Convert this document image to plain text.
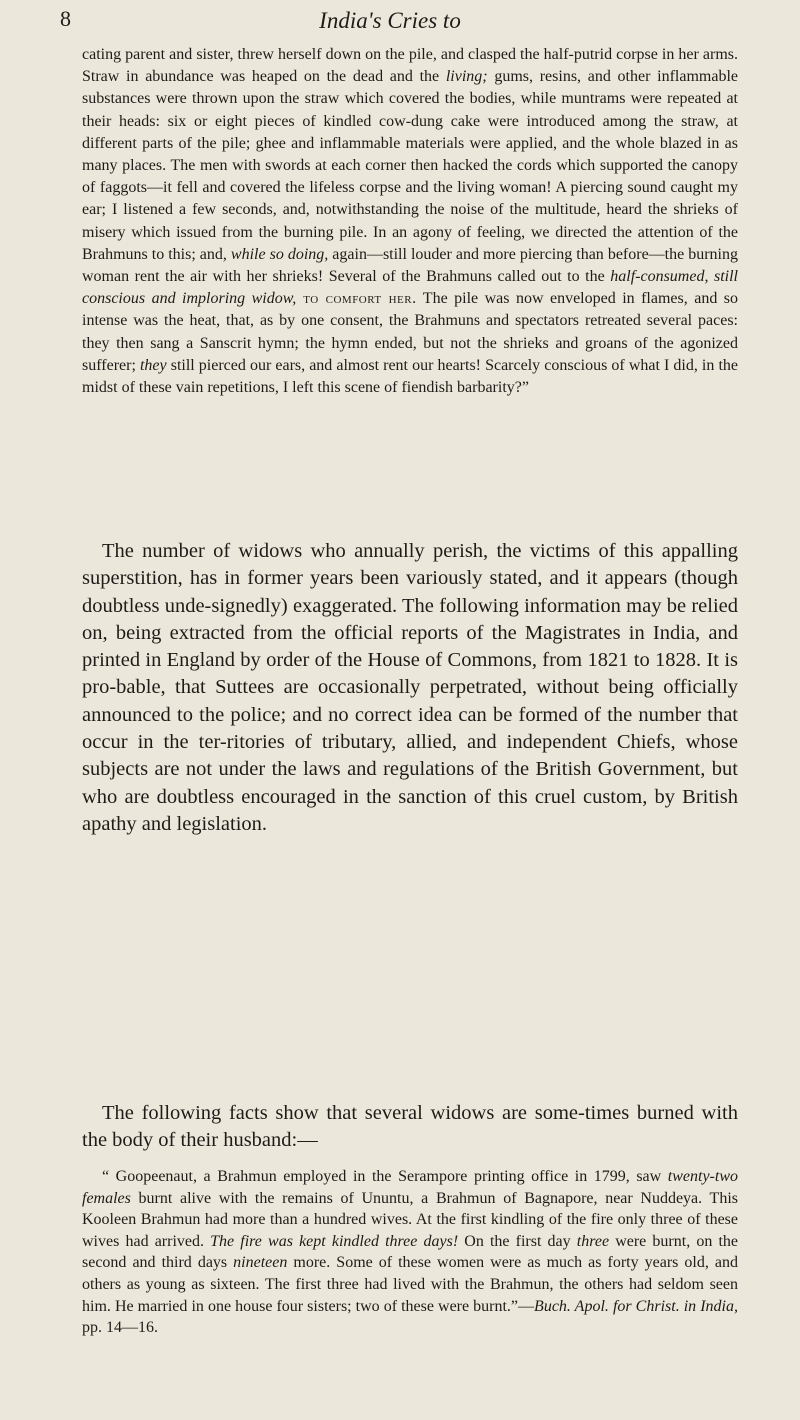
8	India's Cries to

cating parent and sister, threw herself down on the pile, and clasped the half-putrid corpse in her arms. Straw in abundance was heaped on the dead and the living; gums, resins, and other inflammable substances were thrown upon the straw which covered the bodies, while muntrams were repeated at their heads: six or eight pieces of kindled cow-dung cake were introduced among the straw, at different parts of the pile; ghee and inflammable materials were applied, and the whole blazed in as many places. The men with swords at each corner then hacked the cords which supported the canopy of faggots—it fell and covered the lifeless corpse and the living woman! A piercing sound caught my ear; I listened a few seconds, and, notwithstanding the noise of the multitude, heard the shrieks of misery which issued from the burning pile. In an agony of feeling, we directed the attention of the Brahmuns to this; and, while so doing, again—still louder and more piercing than before—the burning woman rent the air with her shrieks! Several of the Brahmuns called out to the half-consumed, still conscious and imploring widow, to comfort her. The pile was now enveloped in flames, and so intense was the heat, that, as by one consent, the Brahmuns and spectators retreated several paces: they then sang a Sanscrit hymn; the hymn ended, but not the shrieks and groans of the agonized sufferer; they still pierced our ears, and almost rent our hearts! Scarcely conscious of what I did, in the midst of these vain repetitions, I left this scene of fiendish barbarity?”

The number of widows who annually perish, the victims of this appalling superstition, has in former years been variously stated, and it appears (though doubtless unde-signedly) exaggerated. The following information may be relied on, being extracted from the official reports of the Magistrates in India, and printed in England by order of the House of Commons, from 1821 to 1828. It is pro-bable, that Suttees are occasionally perpetrated, without being officially announced to the police; and no correct idea can be formed of the number that occur in the ter-ritories of tributary, allied, and independent Chiefs, whose subjects are not under the laws and regulations of the British Government, but who are doubtless encouraged in the sanction of this cruel custom, by British apathy and legislation.

The following facts show that several widows are some-times burned with the body of their husband:—

“ Goopeenaut, a Brahmun employed in the Serampore printing office in 1799, saw twenty-two females burnt alive with the remains of Ununtu, a Brahmun of Bagnapore, near Nuddeya. This Kooleen Brahmun had more than a hundred wives. At the first kindling of the fire only three of these wives had arrived. The fire was kept kindled three days! On the first day three were burnt, on the second and third days nineteen more. Some of these women were as much as forty years old, and others as young as sixteen. The first three had lived with the Brahmun, the others had seldom seen him. He married in one house four sisters; two of these were burnt.”—Buch. Apol. for Christ. in India, pp. 14—16.
